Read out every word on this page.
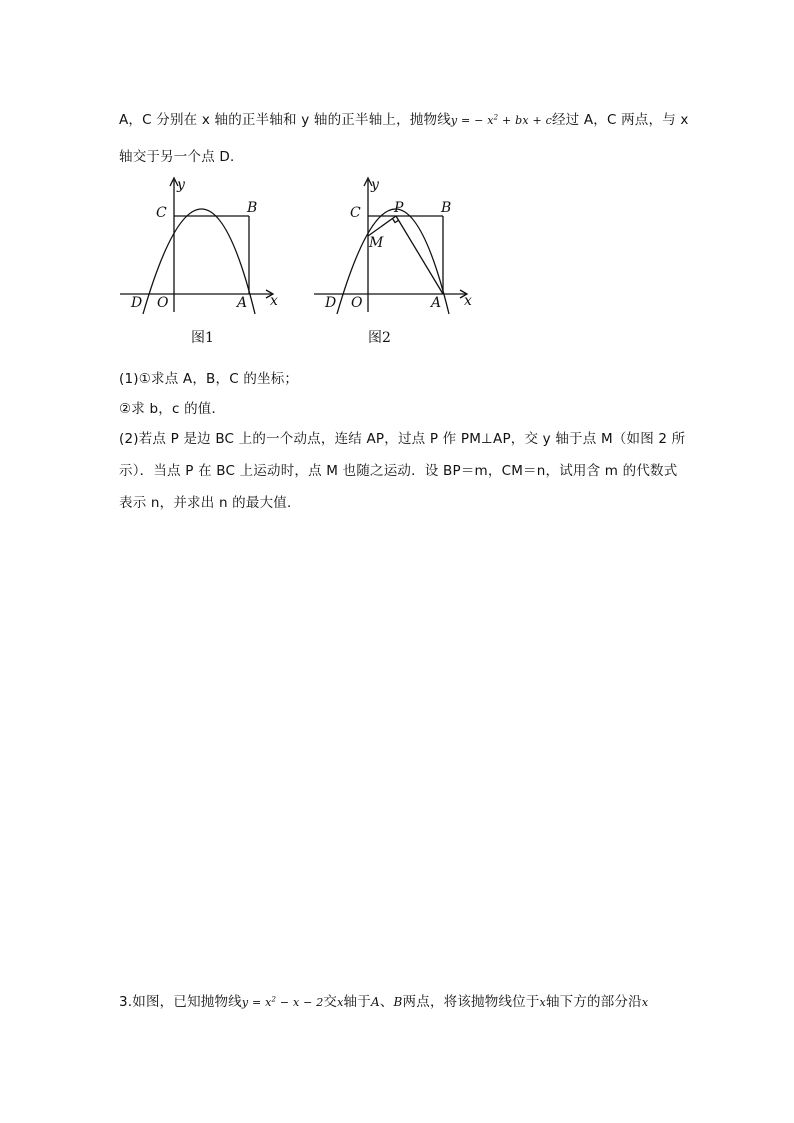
A，C 分别在 x 轴的正半轴和 y 轴的正半轴上，抛物线y = − $x^2$ + bx + c经过 A，C 两点，与 x
轴交于另一个点 D．
y
C	B
D O	A x
图1
y
C P	B
M
D O	A x
图2
(1)①求点 A，B，C 的坐标；
②求 b，c 的值．
(2)若点 P 是边 BC 上的一个动点，连结 AP，过点 P 作 PM⊥AP，交 y 轴于点 M（如图 2 所
示）．当点 P 在 BC 上运动时，点 M 也随之运动．设 BP＝m，CM＝n，试用含 m 的代数式
表示 n，并求出 n 的最大值．
3.如图，已知抛物线$y = x^2 - x - 2$交x轴于A、B两点，将该抛物线位于x轴下方的部分沿x
